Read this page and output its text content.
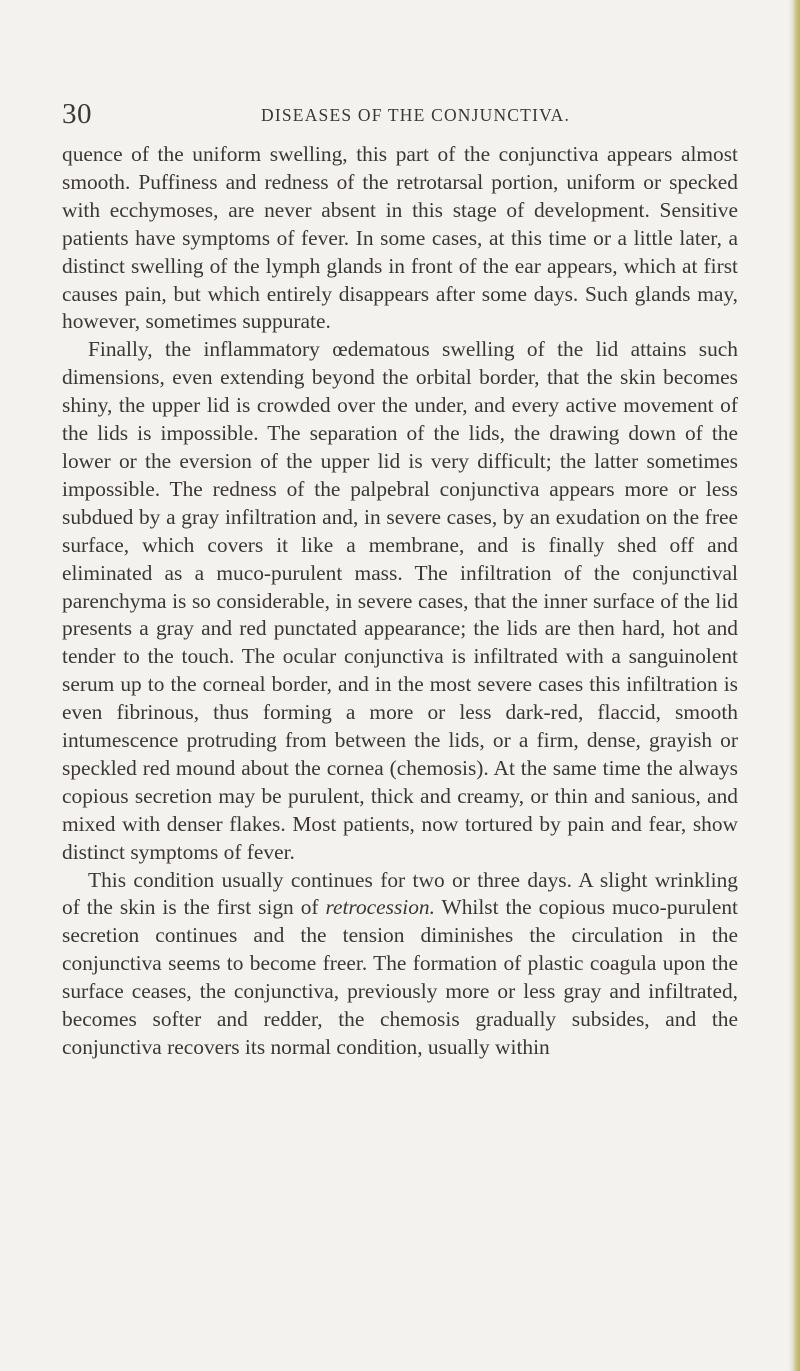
30	DISEASES OF THE CONJUNCTIVA.

quence of the uniform swelling, this part of the conjunctiva appears almost smooth. Puffiness and redness of the retrotarsal portion, uniform or specked with ecchymoses, are never absent in this stage of development. Sensitive patients have symptoms of fever. In some cases, at this time or a little later, a distinct swelling of the lymph glands in front of the ear appears, which at first causes pain, but which entirely disappears after some days. Such glands may, however, sometimes suppurate.

Finally, the inflammatory œdematous swelling of the lid attains such dimensions, even extending beyond the orbital border, that the skin becomes shiny, the upper lid is crowded over the under, and every active movement of the lids is impossible. The separation of the lids, the drawing down of the lower or the eversion of the upper lid is very difficult; the latter sometimes impossible. The redness of the palpebral conjunctiva appears more or less subdued by a gray infiltration and, in severe cases, by an exudation on the free surface, which covers it like a membrane, and is finally shed off and eliminated as a muco-purulent mass. The infiltration of the conjunctival parenchyma is so considerable, in severe cases, that the inner surface of the lid presents a gray and red punctated appearance; the lids are then hard, hot and tender to the touch. The ocular conjunctiva is infiltrated with a sanguinolent serum up to the corneal border, and in the most severe cases this infiltration is even fibrinous, thus forming a more or less dark-red, flaccid, smooth intumescence protruding from between the lids, or a firm, dense, grayish or speckled red mound about the cornea (chemosis). At the same time the always copious secretion may be purulent, thick and creamy, or thin and sanious, and mixed with denser flakes. Most patients, now tortured by pain and fear, show distinct symptoms of fever.

This condition usually continues for two or three days. A slight wrinkling of the skin is the first sign of retrocession. Whilst the copious muco-purulent secretion continues and the tension diminishes the circulation in the conjunctiva seems to become freer. The formation of plastic coagula upon the surface ceases, the conjunctiva, previously more or less gray and infiltrated, becomes softer and redder, the chemosis gradually subsides, and the conjunctiva recovers its normal condition, usually within
